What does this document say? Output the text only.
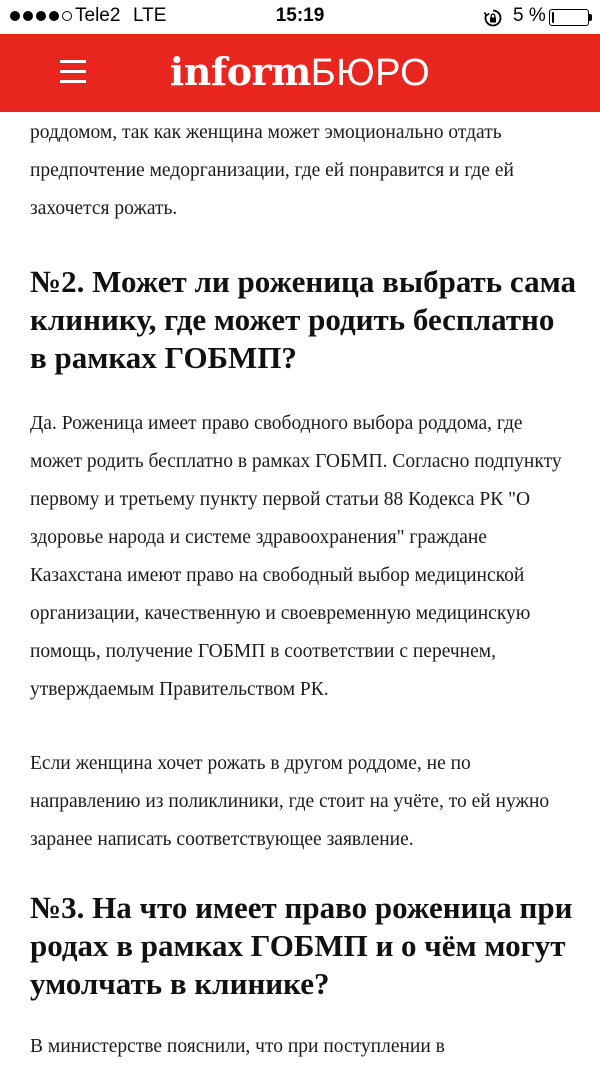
Tele2 LTE	15:19	5 %
informБЮРО

роддомом, так как женщина может эмоционально отдать предпочтение медорганизации, где ей понравится и где ей захочется рожать.

№2. Может ли роженица выбрать сама клинику, где может родить бесплатно в рамках ГОБМП?

Да. Роженица имеет право свободного выбора роддома, где может родить бесплатно в рамках ГОБМП. Согласно подпункту первому и третьему пункту первой статьи 88 Кодекса РК "О здоровье народа и системе здравоохранения" граждане Казахстана имеют право на свободный выбор медицинской организации, качественную и своевременную медицинскую помощь, получение ГОБМП в соответствии с перечнем, утверждаемым Правительством РК.

Если женщина хочет рожать в другом роддоме, не по направлению из поликлиники, где стоит на учёте, то ей нужно заранее написать соответствующее заявление.

№3. На что имеет право роженица при родах в рамках ГОБМП и о чём могут умолчать в клинике?

В министерстве пояснили, что при поступлении в
